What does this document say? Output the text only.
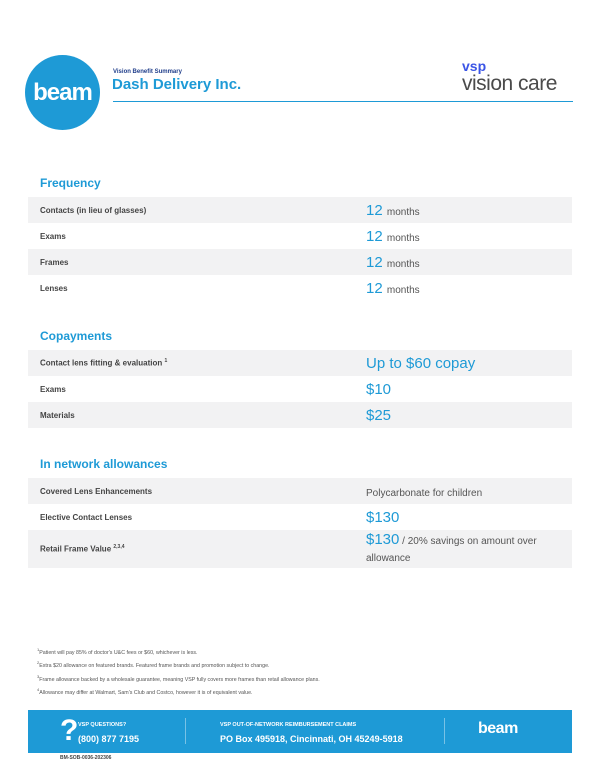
beam
Vision Benefit Summary
Dash Delivery Inc.
vsp
vision care
Frequency
Contacts (in lieu of glasses)	12 months
Exams	12 months
Frames	12 months
Lenses	12 months
Copayments
Contact lens fitting & evaluation $^1$	Up to $60 copay
Exams	$10
Materials	$25
In network allowances
Covered Lens Enhancements	Polycarbonate for children
Elective Contact Lenses	$130
Retail Frame Value $^{2,3,4}$	$130 / 20% savings on amount over allowance
$^1$Patient will pay 85% of doctor's U&C fees or $60, whichever is less.
$^2$Extra $20 allowance on featured brands. Featured frame brands and promotion subject to change.
$^3$Frame allowance backed by a wholesale guarantee, meaning VSP fully covers more frames than retail allowance plans.
$^4$Allowance may differ at Walmart, Sam's Club and Costco, however it is of equivalent value.
? VSP QUESTIONS?
(800) 877 7195
VSP OUT-OF-NETWORK REIMBURSEMENT CLAIMS
PO Box 495918, Cincinnati, OH 45249-5918
beam
BM-SOB-0036-202306
